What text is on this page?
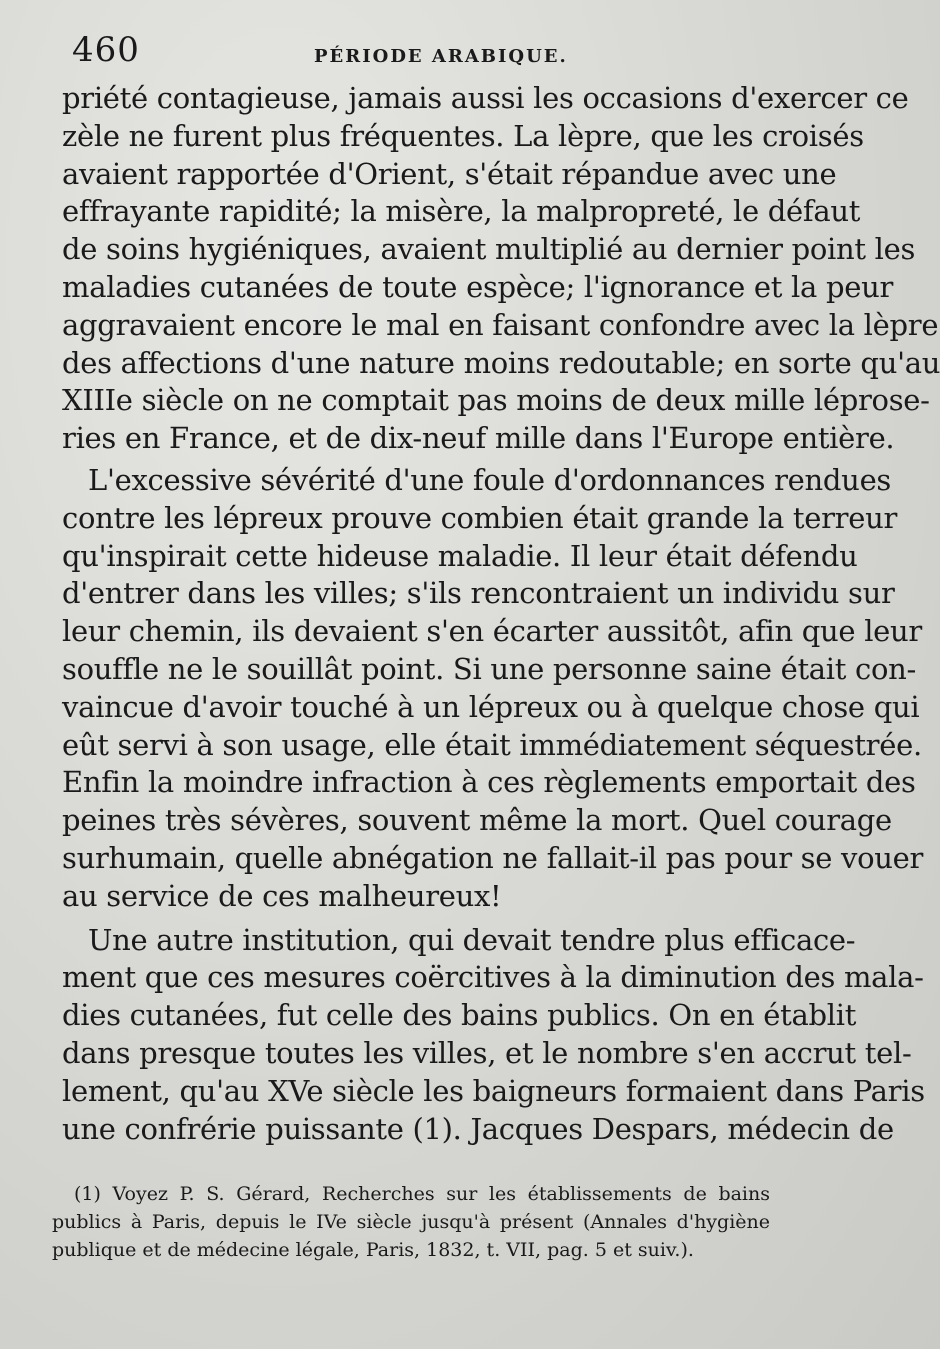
460	PÉRIODE ARABIQUE.
priété contagieuse, jamais aussi les occasions d'exercer ce
zèle ne furent plus fréquentes. La lèpre, que les croisés
avaient rapportée d'Orient, s'était répandue avec une
effrayante rapidité; la misère, la malpropreté, le défaut
de soins hygiéniques, avaient multiplié au dernier point les
maladies cutanées de toute espèce; l'ignorance et la peur
aggravaient encore le mal en faisant confondre avec la lèpre
des affections d'une nature moins redoutable; en sorte qu'au
XIIIe siècle on ne comptait pas moins de deux mille léprose-
ries en France, et de dix-neuf mille dans l'Europe entière.
L'excessive sévérité d'une foule d'ordonnances rendues
contre les lépreux prouve combien était grande la terreur
qu'inspirait cette hideuse maladie. Il leur était défendu
d'entrer dans les villes; s'ils rencontraient un individu sur
leur chemin, ils devaient s'en écarter aussitôt, afin que leur
souffle ne le souillât point. Si une personne saine était con-
vaincue d'avoir touché à un lépreux ou à quelque chose qui
eût servi à son usage, elle était immédiatement séquestrée.
Enfin la moindre infraction à ces règlements emportait des
peines très sévères, souvent même la mort. Quel courage
surhumain, quelle abnégation ne fallait-il pas pour se vouer
au service de ces malheureux!
Une autre institution, qui devait tendre plus efficace-
ment que ces mesures coërcitives à la diminution des mala-
dies cutanées, fut celle des bains publics. On en établit
dans presque toutes les villes, et le nombre s'en accrut tel-
lement, qu'au XVe siècle les baigneurs formaient dans Paris
une confrérie puissante (1). Jacques Despars, médecin de
(1) Voyez P. S. Gérard, Recherches sur les établissements de bains
publics à Paris, depuis le IVe siècle jusqu'à présent (Annales d'hygiène
publique et de médecine légale, Paris, 1832, t. VII, pag. 5 et suiv.).
